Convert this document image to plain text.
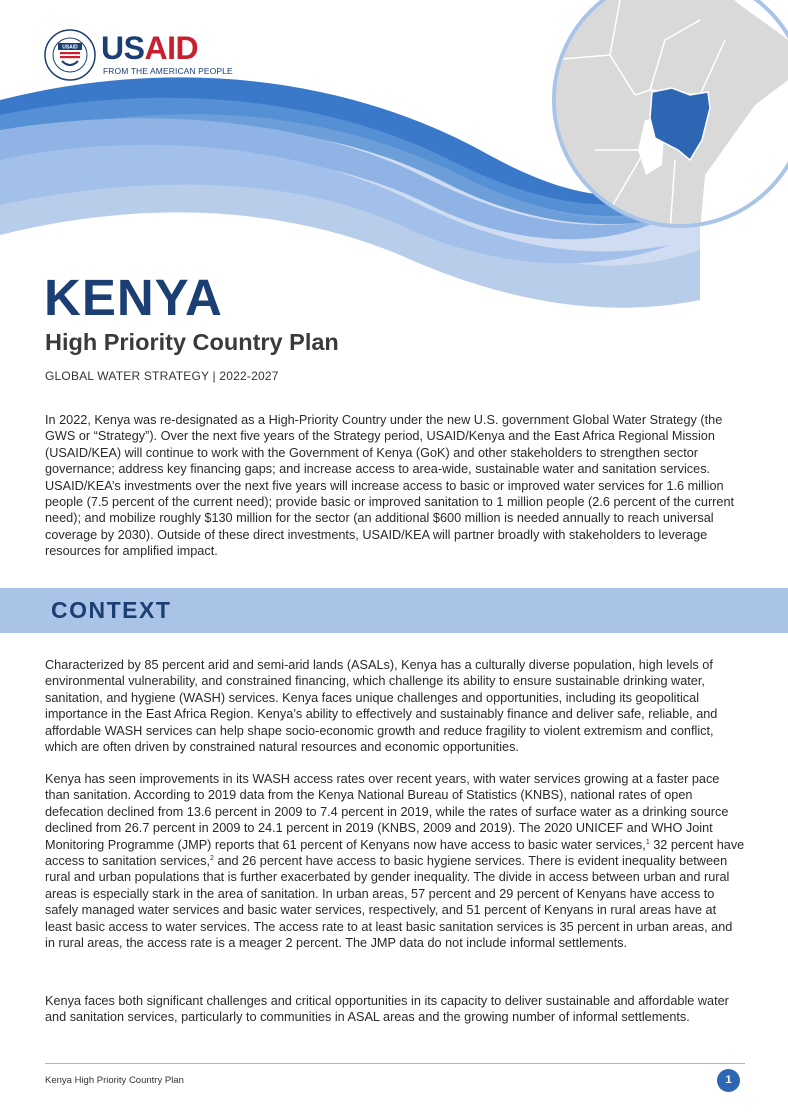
USAID USAID
FROM THE AMERICAN PEOPLE
KENYA
High Priority Country Plan
GLOBAL WATER STRATEGY | 2022-2027

In 2022, Kenya was re-designated as a High-Priority Country under the new U.S. government Global Water Strategy (the GWS or “Strategy”). Over the next five years of the Strategy period, USAID/Kenya and the East Africa Regional Mission (USAID/KEA) will continue to work with the Government of Kenya (GoK) and other stakeholders to strengthen sector governance; address key financing gaps; and increase access to area-wide, sustainable water and sanitation services. USAID/KEA’s investments over the next five years will increase access to basic or improved water services for 1.6 million people (7.5 percent of the current need); provide basic or improved sanitation to 1 million people (2.6 percent of the current need); and mobilize roughly $130 million for the sector (an additional $600 million is needed annually to reach universal coverage by 2030). Outside of these direct investments, USAID/KEA will partner broadly with stakeholders to leverage resources for amplified impact.

CONTEXT

Characterized by 85 percent arid and semi-arid lands (ASALs), Kenya has a culturally diverse population, high levels of environmental vulnerability, and constrained financing, which challenge its ability to ensure sustainable drinking water, sanitation, and hygiene (WASH) services. Kenya faces unique challenges and opportunities, including its geopolitical importance in the East Africa Region. Kenya’s ability to effectively and sustainably finance and deliver safe, reliable, and affordable WASH services can help shape socio-economic growth and reduce fragility to violent extremism and conflict, which are often driven by constrained natural resources and economic opportunities.

Kenya has seen improvements in its WASH access rates over recent years, with water services growing at a faster pace than sanitation. According to 2019 data from the Kenya National Bureau of Statistics (KNBS), national rates of open defecation declined from 13.6 percent in 2009 to 7.4 percent in 2019, while the rates of surface water as a drinking source declined from 26.7 percent in 2009 to 24.1 percent in 2019 (KNBS, 2009 and 2019). The 2020 UNICEF and WHO Joint Monitoring Programme (JMP) reports that 61 percent of Kenyans now have access to basic water services,$^1$ 32 percent have access to sanitation services,$^2$ and 26 percent have access to basic hygiene services. There is evident inequality between rural and urban populations that is further exacerbated by gender inequality. The divide in access between urban and rural areas is especially stark in the area of sanitation. In urban areas, 57 percent and 29 percent of Kenyans have access to safely managed water services and basic water services, respectively, and 51 percent of Kenyans in rural areas have at least basic access to water services. The access rate to at least basic sanitation services is 35 percent in urban areas, and in rural areas, the access rate is a meager 2 percent. The JMP data do not include informal settlements.

Kenya faces both significant challenges and critical opportunities in its capacity to deliver sustainable and affordable water and sanitation services, particularly to communities in ASAL areas and the growing number of informal settlements.

Kenya High Priority Country Plan	1
